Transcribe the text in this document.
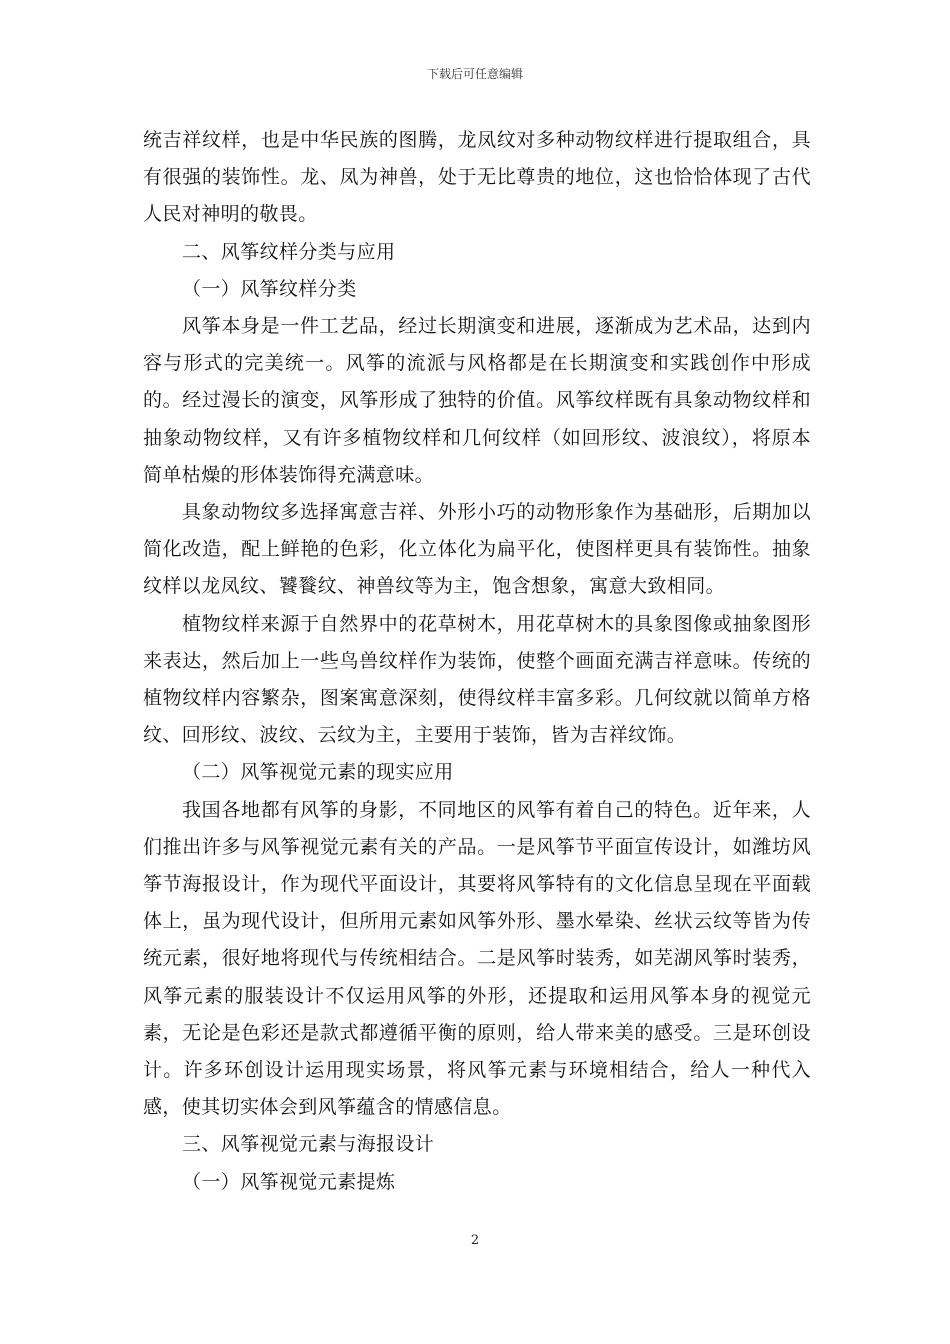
下载后可任意编辑

统吉祥纹样，也是中华民族的图腾，龙凤纹对多种动物纹样进行提取组合，具有很强的装饰性。龙、凤为神兽，处于无比尊贵的地位，这也恰恰体现了古代人民对神明的敬畏。

二、风筝纹样分类与应用

（一）风筝纹样分类

风筝本身是一件工艺品，经过长期演变和进展，逐渐成为艺术品，达到内容与形式的完美统一。风筝的流派与风格都是在长期演变和实践创作中形成的。经过漫长的演变，风筝形成了独特的价值。风筝纹样既有具象动物纹样和抽象动物纹样，又有许多植物纹样和几何纹样（如回形纹、波浪纹），将原本简单枯燥的形体装饰得充满意味。

具象动物纹多选择寓意吉祥、外形小巧的动物形象作为基础形，后期加以简化改造，配上鲜艳的色彩，化立体化为扁平化，使图样更具有装饰性。抽象纹样以龙凤纹、饕餮纹、神兽纹等为主，饱含想象，寓意大致相同。

植物纹样来源于自然界中的花草树木，用花草树木的具象图像或抽象图形来表达，然后加上一些鸟兽纹样作为装饰，使整个画面充满吉祥意味。传统的植物纹样内容繁杂，图案寓意深刻，使得纹样丰富多彩。几何纹就以简单方格纹、回形纹、波纹、云纹为主，主要用于装饰，皆为吉祥纹饰。

（二）风筝视觉元素的现实应用

我国各地都有风筝的身影，不同地区的风筝有着自己的特色。近年来，人们推出许多与风筝视觉元素有关的产品。一是风筝节平面宣传设计，如潍坊风筝节海报设计，作为现代平面设计，其要将风筝特有的文化信息呈现在平面载体上，虽为现代设计，但所用元素如风筝外形、墨水晕染、丝状云纹等皆为传统元素，很好地将现代与传统相结合。二是风筝时装秀，如芜湖风筝时装秀，风筝元素的服装设计不仅运用风筝的外形，还提取和运用风筝本身的视觉元素，无论是色彩还是款式都遵循平衡的原则，给人带来美的感受。三是环创设计。许多环创设计运用现实场景，将风筝元素与环境相结合，给人一种代入感，使其切实体会到风筝蕴含的情感信息。

三、风筝视觉元素与海报设计

（一）风筝视觉元素提炼

2
